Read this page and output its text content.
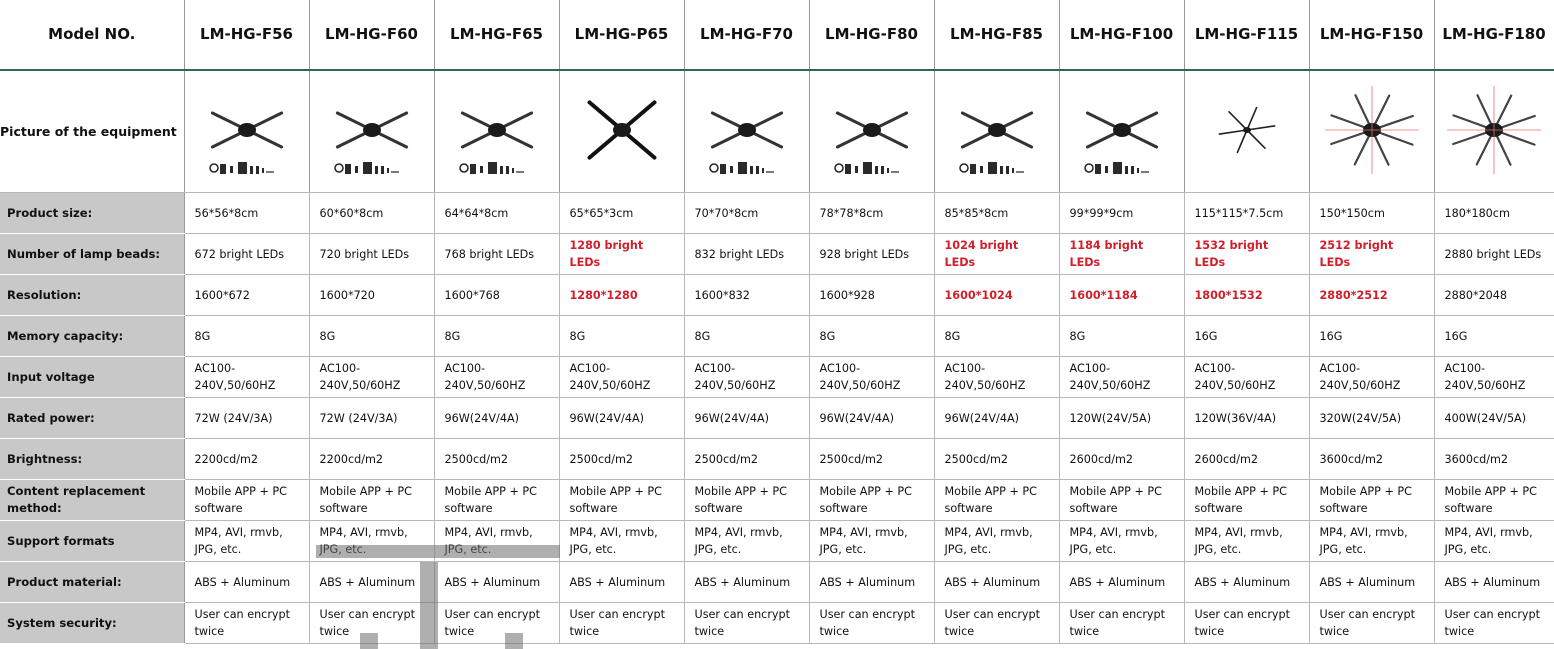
Model NO.	LM-HG-F56	LM-HG-F60	LM-HG-F65	LM-HG-P65	LM-HG-F70	LM-HG-F80	LM-HG-F85	LM-HG-F100	LM-HG-F115	LM-HG-F150	LM-HG-F180
Picture of the equipment	

Product size:	56*56*8cm	60*60*8cm	64*64*8cm	65*65*3cm	70*70*8cm	78*78*8cm	85*85*8cm	99*99*9cm	115*115*7.5cm	150*150cm	180*180cm
Number of lamp beads:	672 bright LEDs	720 bright LEDs	768 bright LEDs	1280 bright LEDs	832 bright LEDs	928 bright LEDs	1024 bright LEDs	1184 bright LEDs	1532 bright LEDs	2512 bright LEDs	2880 bright LEDs
Resolution:	1600*672	1600*720	1600*768	1280*1280	1600*832	1600*928	1600*1024	1600*1184	1800*1532	2880*2512	2880*2048
Memory capacity:	8G	8G	8G	8G	8G	8G	8G	8G	16G	16G	16G
Input voltage	AC100-240V,50/60HZ	AC100-240V,50/60HZ	AC100-240V,50/60HZ	AC100-240V,50/60HZ	AC100-240V,50/60HZ	AC100-240V,50/60HZ	AC100-240V,50/60HZ	AC100-240V,50/60HZ	AC100-240V,50/60HZ	AC100-240V,50/60HZ	AC100-240V,50/60HZ
Rated power:	72W (24V/3A)	72W (24V/3A)	96W(24V/4A)	96W(24V/4A)	96W(24V/4A)	96W(24V/4A)	96W(24V/4A)	120W(24V/5A)	120W(36V/4A)	320W(24V/5A)	400W(24V/5A)
Brightness:	2200cd/m2	2200cd/m2	2500cd/m2	2500cd/m2	2500cd/m2	2500cd/m2	2500cd/m2	2600cd/m2	2600cd/m2	3600cd/m2	3600cd/m2
Content replacement method:	Mobile APP + PC software	Mobile APP + PC software	Mobile APP + PC software	Mobile APP + PC software	Mobile APP + PC software	Mobile APP + PC software	Mobile APP + PC software	Mobile APP + PC software	Mobile APP + PC software	Mobile APP + PC software	Mobile APP + PC software
Support formats	MP4, AVI, rmvb, JPG, etc.	MP4, AVI, rmvb,	MP4, AVI, rmvb,	MP4, AVI, rmvb, JPG, etc.	MP4, AVI, rmvb, JPG, etc.	MP4, AVI, rmvb, JPG, etc.	MP4, AVI, rmvb, JPG, etc.	MP4, AVI, rmvb, JPG, etc.	MP4, AVI, rmvb, JPG, etc.	MP4, AVI, rmvb, JPG, etc.	MP4, AVI, rmvb, JPG, etc.
Product material:	ABS + Aluminum	ABS + Aluminum	ABS + Aluminum	ABS + Aluminum	ABS + Aluminum	ABS + Aluminum	ABS + Aluminum	ABS + Aluminum	ABS + Aluminum	ABS + Aluminum	ABS + Aluminum
System security:	User can encrypt twice	User can encrypt twice	User can encrypt twice	User can encrypt twice	User can encrypt twice	User can encrypt twice	User can encrypt twice	User can encrypt twice	User can encrypt twice	User can encrypt twice	User can encrypt twice
